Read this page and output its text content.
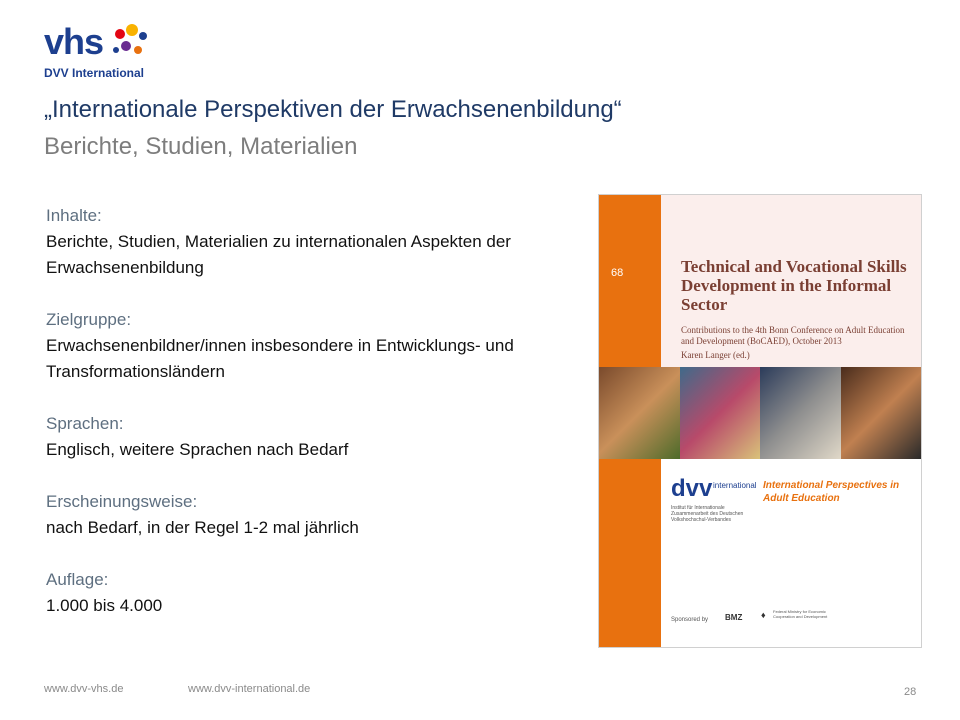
vhs
DVV International
„Internationale Perspektiven der Erwachsenenbildung“
Berichte, Studien, Materialien
Inhalte:
Berichte, Studien, Materialien zu internationalen Aspekten der Erwachsenenbildung
Zielgruppe:
Erwachsenenbildner/innen insbesondere in Entwicklungs- und Transformationsländern
Sprachen:
Englisch, weitere Sprachen nach Bedarf
Erscheinungsweise:
nach Bedarf, in der Regel 1-2 mal jährlich
Auflage:
1.000 bis 4.000
68	Technical and Vocational Skills Development in the Informal Sector
Contributions to the 4th Bonn Conference on Adult Education and Development (BoCAED), October 2013
Karen Langer (ed.)
dvv international
Institut für Internationale Zusammenarbeit des Deutschen Volkshochschul-Verbandes
International Perspectives in Adult Education
Sponsored by BMZ ♦ Federal Ministry for Economic Cooperation and Development
www.dvv-vhs.de	www.dvv-international.de	28
